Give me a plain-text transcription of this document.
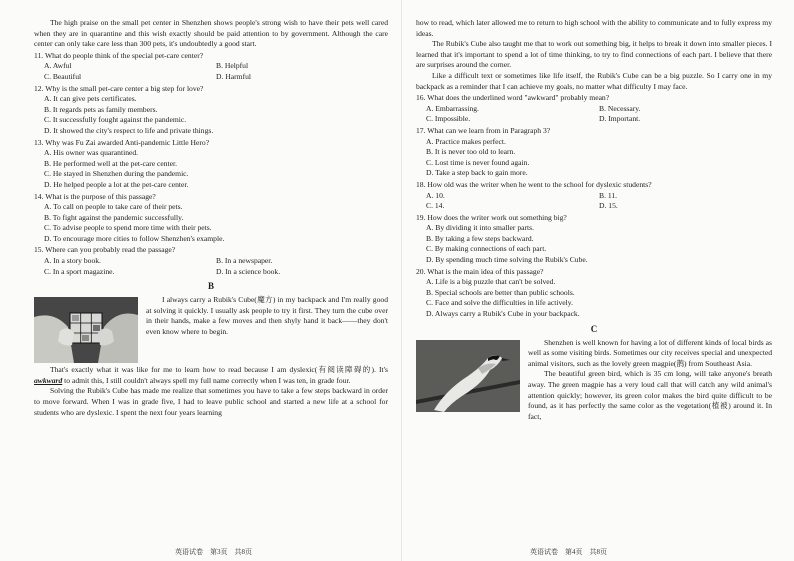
The high praise on the small pet center in Shenzhen shows people's strong wish to have their pets well cared when they are in quarantine and this wish exactly should be paid attention to by government. Although the care center can only take care less than 300 pets, it's undoubtedly a good start.

11. What do people think of the special pet-care center?

A. Awful	B. Helpful
C. Beautiful	D. Harmful

12. Why is the small pet-care center a big step for love?

A. It can give pets certificates.
B. It regards pets as family members.
C. It successfully fought against the pandemic.
D. It showed the city's respect to life and private things.

13. Why was Fu Zai awarded Anti-pandemic Little Hero?

A. His owner was quarantined.
B. He performed well at the pet-care center.
C. He stayed in Shenzhen during the pandemic.
D. He helped people a lot at the pet-care center.

14. What is the purpose of this passage?

A. To call on people to take care of their pets.
B. To fight against the pandemic successfully.
C. To advise people to spend more time with their pets.
D. To encourage more cities to follow Shenzhen's example.

15. Where can you probably read the passage?

A. In a story book.	B. In a newspaper.
C. In a sport magazine.	D. In a science book.
B

I always carry a Rubik's Cube(魔方) in my backpack and I'm really good at solving it quickly. I usually ask people to try it first. They turn the cube over in their hands, make a few moves and then shyly hand it back——they don't even know where to begin.

That's exactly what it was like for me to learn how to read because I am dyslexic(有阅读障碍的). It's awkward to admit this, I still couldn't always spell my full name correctly when I was ten, in grade four.

Solving the Rubik's Cube has made me realize that sometimes you have to take a few steps backward in order to move forward. When I was in grade five, I had to leave public school and started a new life at a school for students who are dyslexic. I spent the next four years learning

英语试卷　第3页　共8页

how to read, which later allowed me to return to high school with the ability to communicate and to fully express my ideas.

The Rubik's Cube also taught me that to work out something big, it helps to break it down into smaller pieces. I learned that it's important to spend a lot of time thinking, to try to find connections of each part. I believe that there are surprises around the corner.

Like a difficult text or sometimes like life itself, the Rubik's Cube can be a big puzzle. So I carry one in my backpack as a reminder that I can achieve my goals, no matter what difficulty I may face.

16. What does the underlined word "awkward" probably mean?

A. Embarrassing.	B. Necessary.
C. Impossible.	D. Important.

17. What can we learn from in Paragraph 3?

A. Practice makes perfect.
B. It is never too old to learn.
C. Lost time is never found again.
D. Take a step back to gain more.

18. How old was the writer when he went to the school for dyslexic students?

A. 10.	B. 11.
C. 14.	D. 15.

19. How does the writer work out something big?

A. By dividing it into smaller parts.
B. By taking a few steps backward.
C. By making connections of each part.
D. By spending much time solving the Rubik's Cube.

20. What is the main idea of this passage?

A. Life is a big puzzle that can't be solved.
B. Special schools are better than public schools.
C. Face and solve the difficulties in life actively.
D. Always carry a Rubik's Cube in your backpack.
C

Shenzhen is well known for having a lot of different kinds of local birds as well as some visiting birds. Sometimes our city receives special and unexpected animal visitors, such as the lovely green magpie(鹊) from Southeast Asia.

The beautiful green bird, which is 35 cm long, will take anyone's breath away. The green magpie has a very loud call that will catch any wild animal's attention quickly; however, its green color makes the bird quite difficult to be found, as it has perfectly the same color as the vegetation(植被) around it. In fact,

英语试卷　第4页　共8页
